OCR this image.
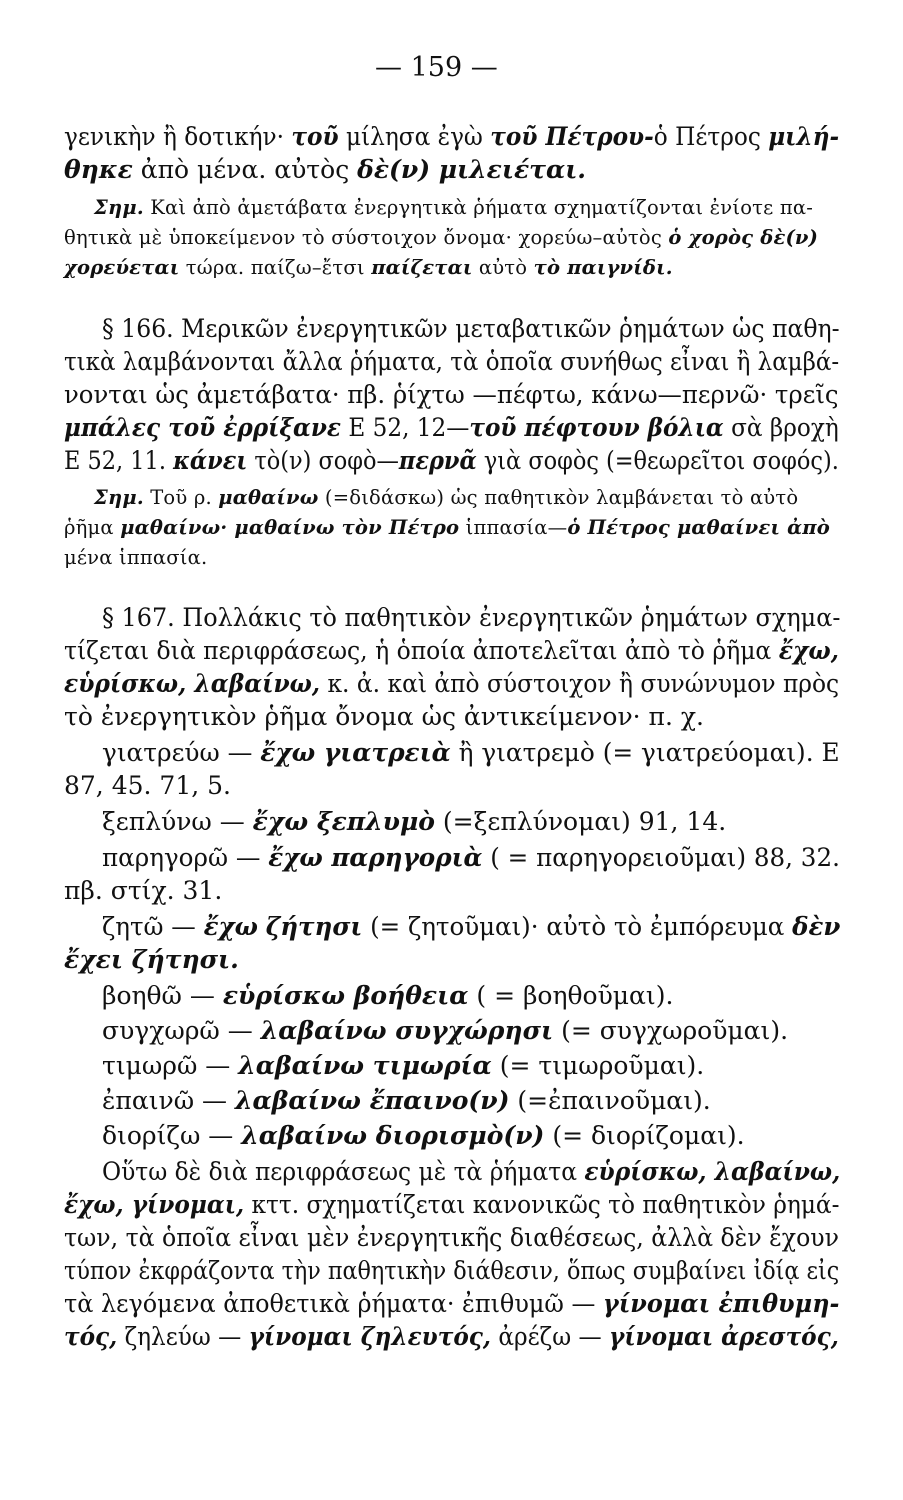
— 159 —
γενικὴν ἢ δοτικήν· τοῦ μίλησα ἐγὼ τοῦ Πέτρου-ὁ Πέτρος μιλή-
θηκε ἀπὸ μένα. αὐτὸς δὲ(ν) μιλειέται.
Σημ. Καὶ ἀπὸ ἀμετάβατα ἐνεργητικὰ ῥήματα σχηματίζονται ἐνίοτε πα-
θητικὰ μὲ ὑποκείμενον τὸ σύστοιχον ὄνομα· χορεύω–αὐτὸς ὁ χορὸς δὲ(ν)
χορεύεται τώρα. παίζω–ἔτσι παίζεται αὐτὸ τὸ παιγνίδι.
§ 166. Μερικῶν ἐνεργητικῶν μεταβατικῶν ῥημάτων ὡς παθη-
τικὰ λαμβάνονται ἄλλα ῥήματα, τὰ ὁποῖα συνήθως εἶναι ἢ λαμβά-
νονται ὡς ἀμετάβατα· πβ. ῥίχτω —πέφτω, κάνω—περνῶ· τρεῖς
μπάλες τοῦ ἐρρίξανε Ε 52, 12—τοῦ πέφτουν βόλια σὰ βροχὴ
Ε 52, 11. κάνει τὸ(ν) σοφὸ—περνᾶ γιὰ σοφὸς (=θεωρεῖτοι σοφός).
Σημ. Τοῦ ρ. μαθαίνω (=διδάσκω) ὡς παθητικὸν λαμβάνεται τὸ αὐτὸ
ῥῆμα μαθαίνω· μαθαίνω τὸν Πέτρο ἱππασία—ὁ Πέτρος μαθαίνει ἀπὸ
μένα ἱππασία.
§ 167. Πολλάκις τὸ παθητικὸν ἐνεργητικῶν ῥημάτων σχημα-
τίζεται διὰ περιφράσεως, ἡ ὁποία ἀποτελεῖται ἀπὸ τὸ ῥῆμα ἔχω,
εὑρίσκω, λαβαίνω, κ. ἀ. καὶ ἀπὸ σύστοιχον ἢ συνώνυμον πρὸς
τὸ ἐνεργητικὸν ῥῆμα ὄνομα ὡς ἀντικείμενον· π. χ.
γιατρεύω — ἔχω γιατρειὰ ἢ γιατρεμὸ (= γιατρεύομαι). Ε
87, 45. 71, 5.
ξεπλύνω — ἔχω ξεπλυμὸ (=ξεπλύνομαι) 91, 14.
παρηγορῶ — ἔχω παρηγοριὰ ( = παρηγορειοῦμαι) 88, 32.
πβ. στίχ. 31.
ζητῶ — ἔχω ζήτησι (= ζητοῦμαι)· αὐτὸ τὸ ἐμπόρευμα δὲν
ἔχει ζήτησι.
βοηθῶ — εὑρίσκω βοήθεια ( = βοηθοῦμαι).
συγχωρῶ — λαβαίνω συγχώρησι (= συγχωροῦμαι).
τιμωρῶ — λαβαίνω τιμωρία (= τιμωροῦμαι).
ἐπαινῶ — λαβαίνω ἔπαινο(ν) (=ἐπαινοῦμαι).
διορίζω — λαβαίνω διορισμὸ(ν) (= διορίζομαι).
Οὕτω δὲ διὰ περιφράσεως μὲ τὰ ῥήματα εὑρίσκω, λαβαίνω,
ἔχω, γίνομαι, κττ. σχηματίζεται κανονικῶς τὸ παθητικὸν ῥημά-
των, τὰ ὁποῖα εἶναι μὲν ἐνεργητικῆς διαθέσεως, ἀλλὰ δὲν ἔχουν
τύπον ἐκφράζοντα τὴν παθητικὴν διάθεσιν, ὅπως συμβαίνει ἰδίᾳ εἰς
τὰ λεγόμενα ἀποθετικὰ ῥήματα· ἐπιθυμῶ — γίνομαι ἐπιθυμη-
τός, ζηλεύω — γίνομαι ζηλευτός, ἀρέζω — γίνομαι ἀρεστός,
